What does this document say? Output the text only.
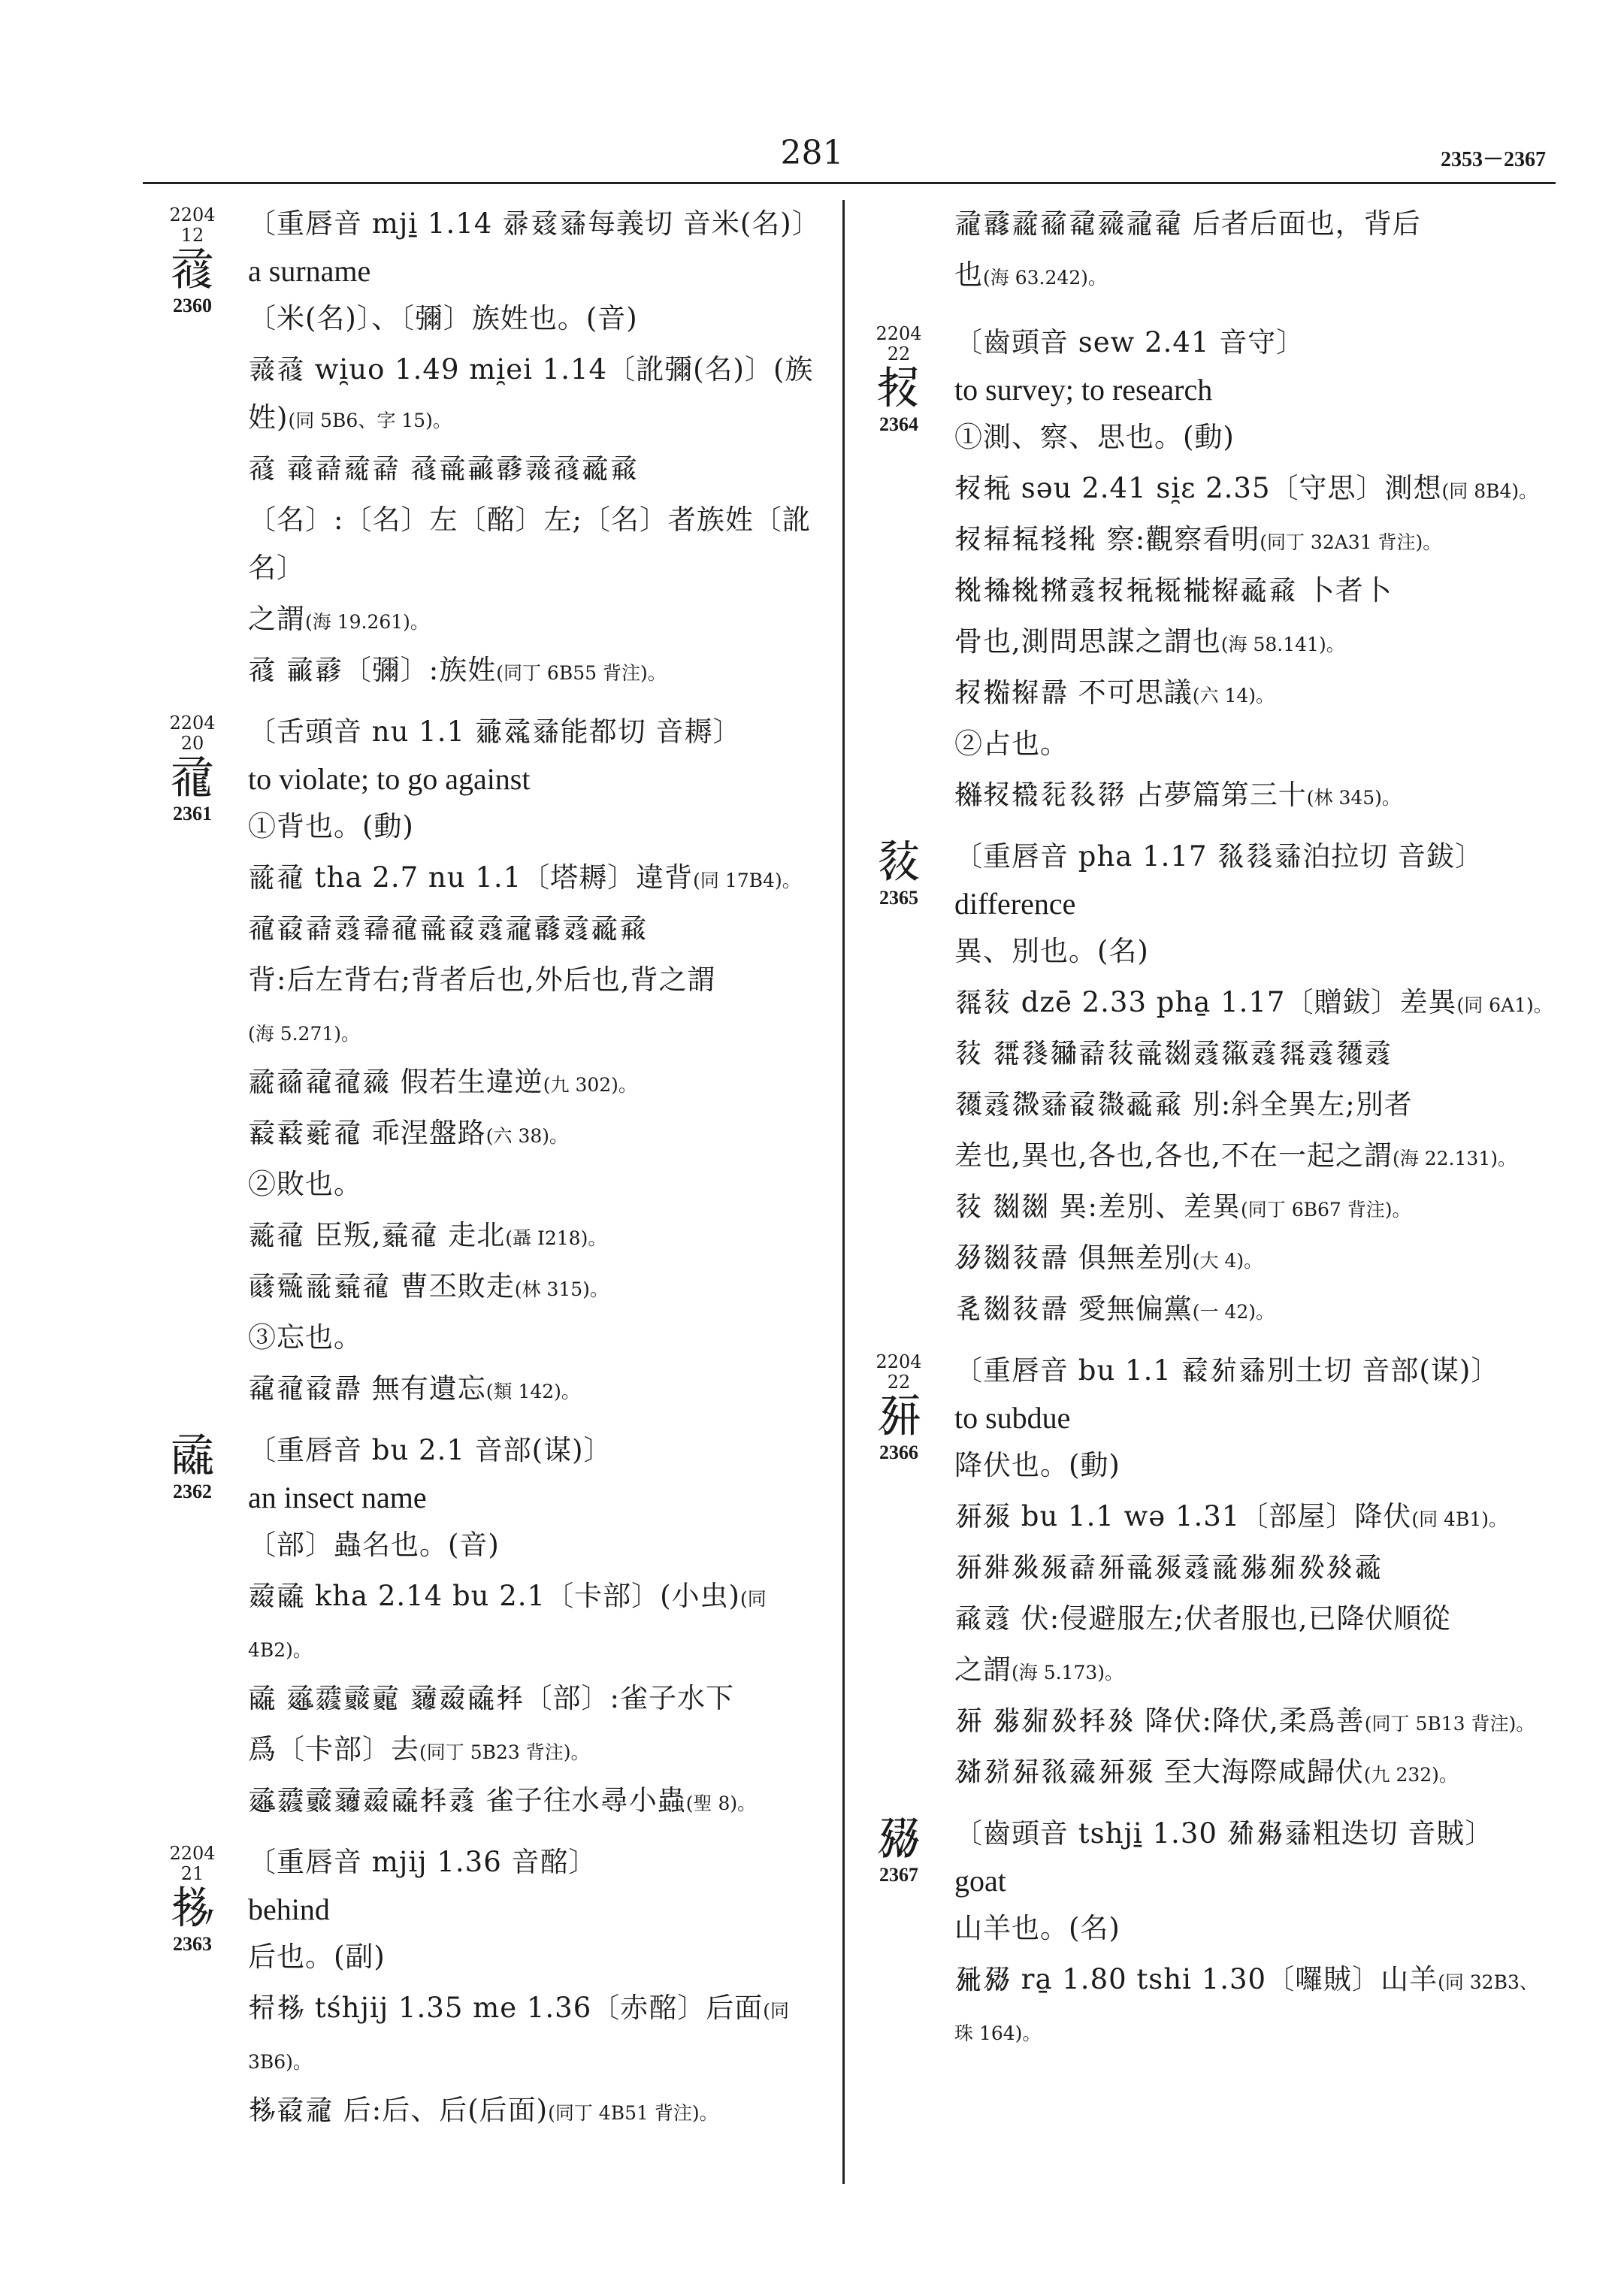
281	2353－2367
2204
12
𗈀
2360
〔重唇音 mji̱ 1.14 𗈁𗈂𗈃每義切 音米(名)〕
a surname
〔米(名)〕、〔彌〕族姓也。(音)
𗈄𗈀 wi̯uo 1.49 mi̯ei 1.14〔訛彌(名)〕(族姓)(同 5B6、字 15)。
𗈀 𗈅𗈆𗈇𗈆 𗈀𗈈𗈉𗈊𗈄𗈀𗈋𗈌
〔名〕:〔名〕左〔酩〕左;〔名〕者族姓〔訛名〕
之謂(海 19.261)。
𗈀 𗈉𗈊〔彌〕:族姓(同丁 6B55 背注)。
2204
20
𗈍
2361
〔舌頭音 nu 1.1 𗈎𗈏𗈃能都切 音耨〕
to violate; to go against
①背也。(動)
𗈐𗈍 tha 2.7 nu 1.1〔塔耨〕違背(同 17B4)。
𗈍𗈑𗈆𗈒𗈓𗈍𗈈𗈑𗈒𗈔𗈕𗈒𗈋𗈌
背:后左背右;背者后也,外后也,背之謂
(海 5.271)。
𗈖𗈗𗈘𗈍𗈙 假若生違逆(九 302)。
𗈚𗈛𗈜𗈍 乖涅盤路(六 38)。
②敗也。
𗈝𗈍 臣叛,𗈞𗈍 走北(聶 I218)。
𗈟𗈠𗈐𗈞𗈍 曹丕敗走(林 315)。
③忘也。
𗈘𗈍𗈑𗈡 無有遺忘(類 142)。
𗈢
2362
〔重唇音 bu 2.1 音部(谋)〕
an insect name
〔部〕蟲名也。(音)
𗈣𗈢 kha 2.14 bu 2.1〔卡部〕(小虫)(同 4B2)。
𗈢 𗈤𗈥𗈦𗈧 𗈨𗈣𗈢𗈩〔部〕:雀子水下
爲〔卡部〕去(同丁 5B23 背注)。
𗈤𗈥𗈦𗈨𗈣𗈢𗈩𗈒 雀子往水尋小蟲(聖 8)。
2204
21
𗈪
2363
〔重唇音 mjij 1.36 音酩〕
behind
后也。(副)
𗈫𗈪 tśhjij 1.35 me 1.36〔赤酩〕后面(同 3B6)。
𗈪𗈑𗈔 后:后、后(后面)(同丁 4B51 背注)。
𗈔𗈕𗈖𗈗𗈘𗈙𗈔𗈘 后者后面也，背后
也(海 63.242)。
2204
22
𗈬
2364
〔齒頭音 sew 2.41 音守〕
to survey; to research
①測、察、思也。(動)
𗈬𗈭 səu 2.41 si̯ɛ 2.35〔守思〕測想(同 8B4)。
𗈬𗈮𗈯𗈰𗈱 察:觀察看明(同丁 32A31 背注)。
𗈲𗈳𗈲𗈴𗈒𗈬𗈭𗈵𗈶𗈷𗈋𗈌 卜者卜
骨也,測問思謀之謂也(海 58.141)。
𗈬𗈸𗈷𗈡 不可思議(六 14)。
②占也。
𗈹𗈬𗈺𗈻𗈼𗈽 占夢篇第三十(林 345)。
𗈾
2365
〔重唇音 pha 1.17 𗈿𗉀𗈃泊拉切 音鈸〕
difference
異、別也。(名)
𗉁𗈾 dzē 2.33 pha̱ 1.17〔贈鈸〕差異(同 6A1)。
𗈾 𗉂𗉃𗉄𗈆𗈾𗈈𗉅𗈒𗉆𗈒𗉁𗈒𗉇𗈒
𗉈𗈒𗉉𗈃𗈑𗉊𗈋𗈌 別:斜全異左;別者
差也,異也,各也,各也,不在一起之謂(海 22.131)。
𗈾 𗉅𗉅 異:差別、差異(同丁 6B67 背注)。
𗉋𗉅𗈾𗈡 俱無差別(大 4)。
𗉌𗉅𗈾𗈡 愛無偏黨(一 42)。
2204
22
𗉍
2366
〔重唇音 bu 1.1 𗈚𗉎𗈃別土切 音部(谋)〕
to subdue
降伏也。(動)
𗉍𗉏 bu 1.1 wə 1.31〔部屋〕降伏(同 4B1)。
𗉍𗉐𗉑𗉏𗈆𗉍𗈈𗉏𗈒𗈐𗉒𗉓𗉔𗉕𗈋
𗈌𗈒 伏:侵避服左;伏者服也,已降伏順從
之謂(海 5.173)。
𗉍 𗉒𗉓𗉔𗈩𗉕 降伏:降伏,柔爲善(同丁 5B13 背注)。
𗉖𗉗𗉘𗈿𗈙𗉍𗉏 至大海際咸歸伏(九 232)。
𗉙
2367
〔齒頭音 tshji̱ 1.30 𗉚𗉛𗈃粗迭切 音賊〕
goat
山羊也。(名)
𗉜𗉙 ra̱ 1.80 tshi 1.30〔囉賊〕山羊(同 32B3、珠 164)。
